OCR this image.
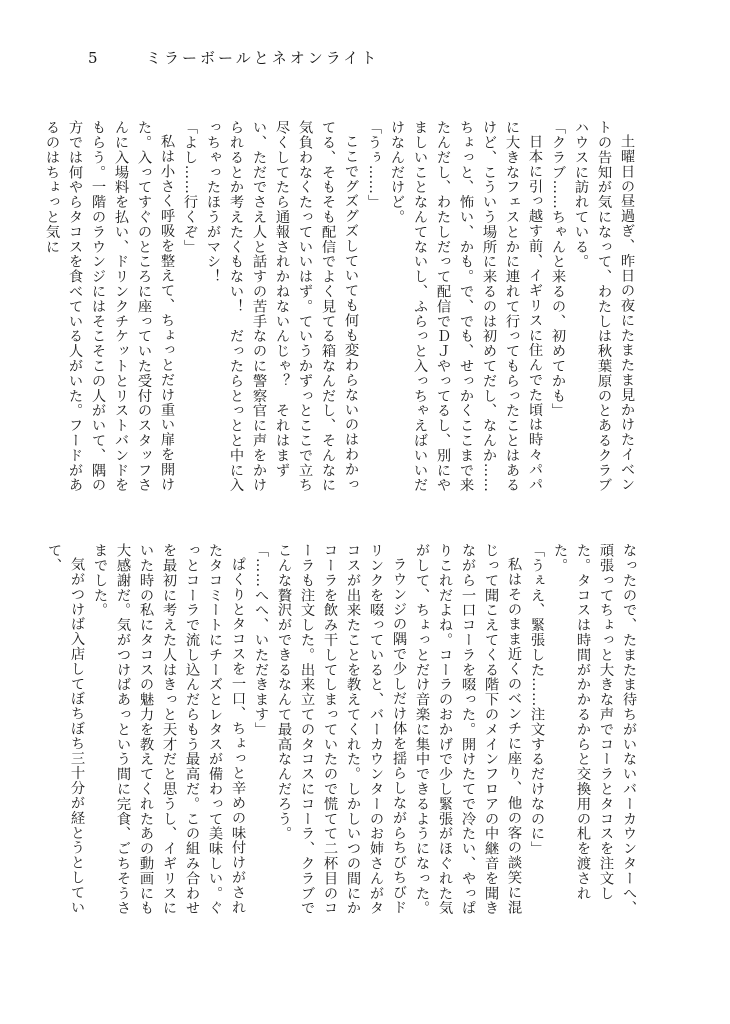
5	ミラーボールとネオンライト

土曜日の昼過ぎ、昨日の夜にたまたま見かけたイベントの告知が気になって、わたしは秋葉原のとあるクラブハウスに訪れている。

「クラブ……ちゃんと来るの、初めてかも」

日本に引っ越す前、イギリスに住んでた頃は時々パパに大きなフェスとかに連れて行ってもらったことはあるけど、こういう場所に来るのは初めてだし、なんか……ちょっと、怖い、かも。で、でも、せっかくここまで来たんだし、わたしだって配信でＤＪやってるし、別にやましいことなんてないし、ふらっと入っちゃえばいいだけなんだけど。

「うぅ……」

ここでグズグズしていても何も変わらないのはわかってる、そもそも配信でよく見てる箱なんだし、そんなに気負わなくたっていいはず。ていうかずっとここで立ち尽くしてたら通報されかねないんじゃ？　それはまずい、ただでさえ人と話すの苦手なのに警察官に声をかけられるとか考えたくもない！　だったらとっとと中に入っちゃったほうがマシ！

「よし……行くぞ」

私は小さく呼吸を整えて、ちょっとだけ重い扉を開けた。入ってすぐのところに座っていた受付のスタッフさんに入場料を払い、ドリンクチケットとリストバンドをもらう。一階のラウンジにはそこそこの人がいて、隅の方では何やらタコスを食べている人がいた。フードがあるのはちょっと気に

なったので、たまたま待ちがいないバーカウンターへ、頑張ってちょっと大きな声でコーラとタコスを注文した。タコスは時間がかかるからと交換用の札を渡された。

「うぇえ、緊張した……注文するだけなのに」

私はそのまま近くのベンチに座り、他の客の談笑に混じって聞こえてくる階下のメインフロアの中継音を聞きながら一口コーラを啜った。開けたてで冷たい、やっぱりこれだよね。コーラのおかげで少し緊張がほぐれた気がして、ちょっとだけ音楽に集中できるようになった。

ラウンジの隅で少しだけ体を揺らしながらちびちびドリンクを啜っていると、バーカウンターのお姉さんがタコスが出来たことを教えてくれた。しかしいつの間にかコーラを飲み干してしまっていたので慌てて二杯目のコーラも注文した。出来立てのタコスにコーラ、クラブでこんな贅沢ができるなんて最高なんだろう。

「……へへ、いただきます」

ぱくりとタコスを一口、ちょっと辛めの味付けがされたタコミートにチーズとレタスが備わって美味しい。ぐっとコーラで流し込んだらもう最高だ。この組み合わせを最初に考えた人はきっと天才だと思うし、イギリスにいた時の私にタコスの魅力を教えてくれたあの動画にも大感謝だ。気がつけばあっという間に完食、ごちそうさまでした。

気がつけば入店してぼちぼち三十分が経とうとしていて、
